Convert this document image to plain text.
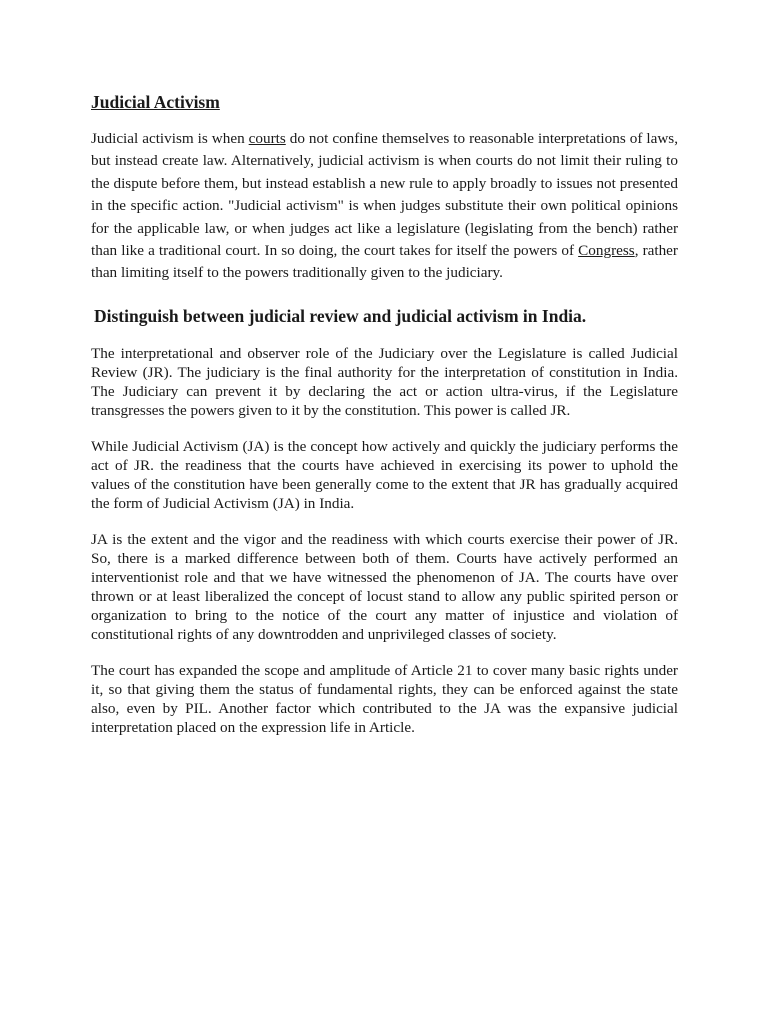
Judicial Activism

Judicial activism is when courts do not confine themselves to reasonable interpretations of laws, but instead create law. Alternatively, judicial activism is when courts do not limit their ruling to the dispute before them, but instead establish a new rule to apply broadly to issues not presented in the specific action. "Judicial activism" is when judges substitute their own political opinions for the applicable law, or when judges act like a legislature (legislating from the bench) rather than like a traditional court. In so doing, the court takes for itself the powers of Congress, rather than limiting itself to the powers traditionally given to the judiciary.

Distinguish between judicial review and judicial activism in India.

The interpretational and observer role of the Judiciary over the Legislature is called Judicial Review (JR). The judiciary is the final authority for the interpretation of constitution in India. The Judiciary can prevent it by declaring the act or action ultra-virus, if the Legislature transgresses the powers given to it by the constitution. This power is called JR.

While Judicial Activism (JA) is the concept how actively and quickly the judiciary performs the act of JR. the readiness that the courts have achieved in exercising its power to uphold the values of the constitution have been generally come to the extent that JR has gradually acquired the form of Judicial Activism (JA) in India.

JA is the extent and the vigor and the readiness with which courts exercise their power of JR. So, there is a marked difference between both of them. Courts have actively performed an interventionist role and that we have witnessed the phenomenon of JA. The courts have over thrown or at least liberalized the concept of locust stand to allow any public spirited person or organization to bring to the notice of the court any matter of injustice and violation of constitutional rights of any downtrodden and unprivileged classes of society.

The court has expanded the scope and amplitude of Article 21 to cover many basic rights under it, so that giving them the status of fundamental rights, they can be enforced against the state also, even by PIL. Another factor which contributed to the JA was the expansive judicial interpretation placed on the expression life in Article.
